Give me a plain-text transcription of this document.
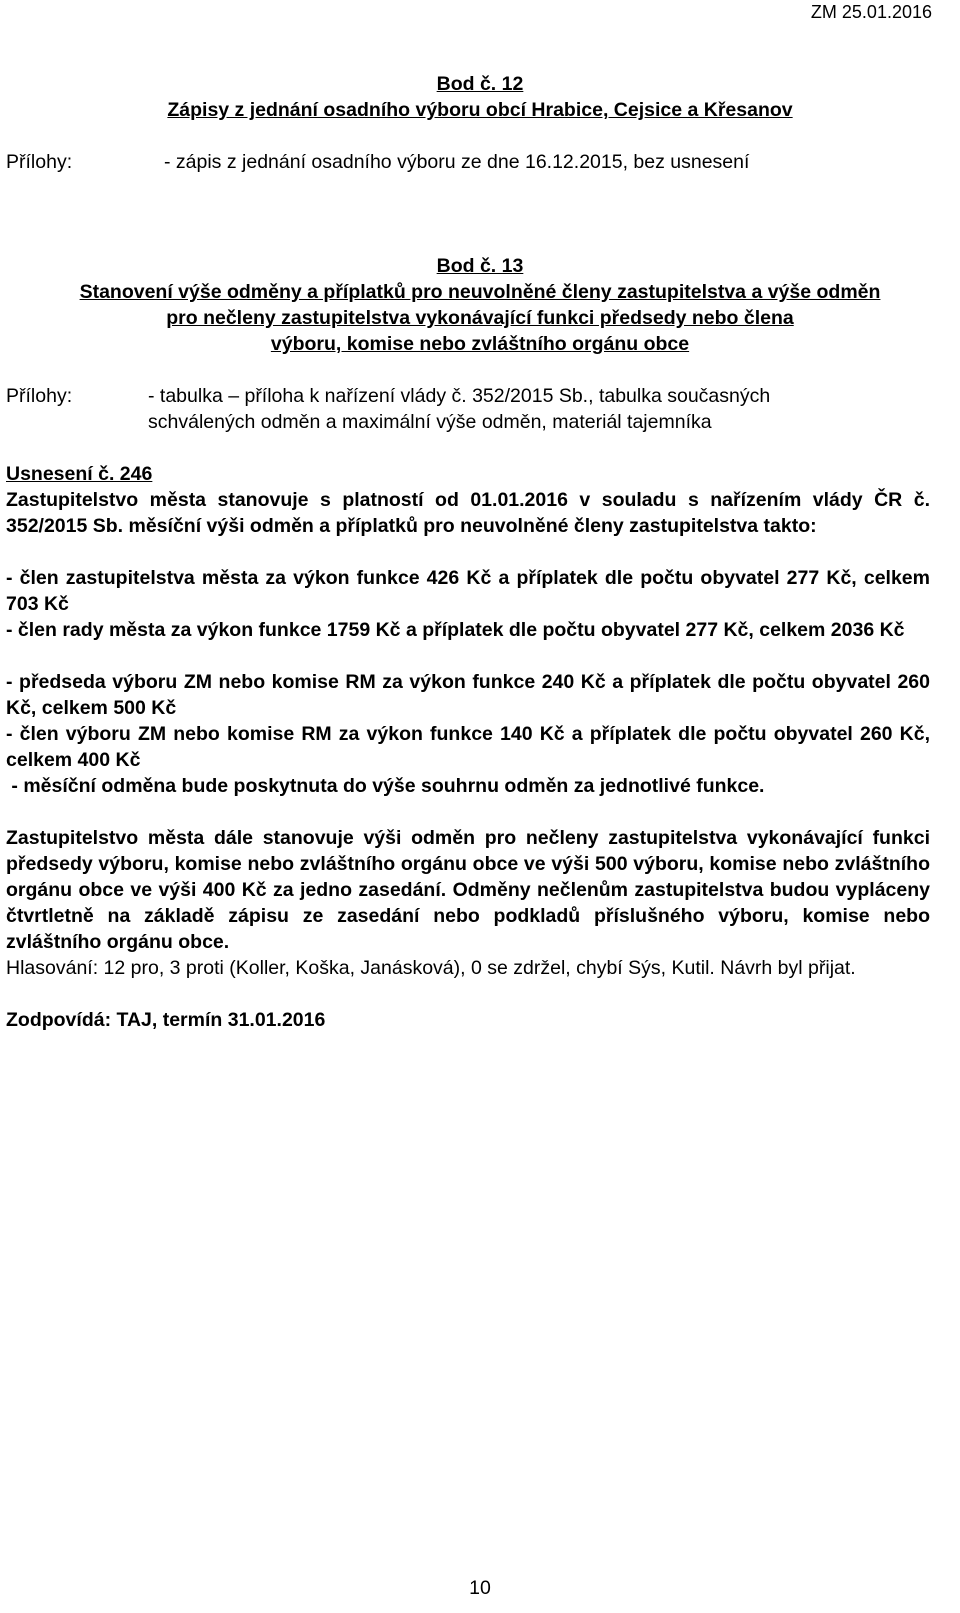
ZM 25.01.2016
Bod č. 12
Zápisy z jednání osadního výboru obcí Hrabice, Cejsice a Křesanov
Přílohy:	- zápis z jednání osadního výboru ze dne 16.12.2015, bez usnesení
Bod č. 13
Stanovení výše odměny a příplatků pro neuvolněné členy zastupitelstva a výše odměn
pro nečleny zastupitelstva vykonávající funkci předsedy nebo člena
výboru, komise nebo zvláštního orgánu obce
Přílohy:	- tabulka – příloha k nařízení vlády č. 352/2015 Sb., tabulka současných
schválených odměn a maximální výše odměn, materiál tajemníka
Usnesení č. 246
Zastupitelstvo města stanovuje s platností od 01.01.2016 v souladu s nařízením vlády ČR č. 352/2015 Sb. měsíční výši odměn a příplatků pro neuvolněné členy zastupitelstva takto:
- člen zastupitelstva města za výkon funkce 426 Kč a příplatek dle počtu obyvatel 277 Kč, celkem 703 Kč
- člen rady města za výkon funkce 1759 Kč a příplatek dle počtu obyvatel 277 Kč, celkem 2036 Kč
- předseda výboru ZM nebo komise RM za výkon funkce 240 Kč a příplatek dle počtu obyvatel 260 Kč, celkem 500 Kč
- člen výboru ZM nebo komise RM za výkon funkce 140 Kč a příplatek dle počtu obyvatel 260 Kč, celkem 400 Kč
- měsíční odměna bude poskytnuta do výše souhrnu odměn za jednotlivé funkce.
Zastupitelstvo města dále stanovuje výši odměn pro nečleny zastupitelstva vykonávající funkci předsedy výboru, komise nebo zvláštního orgánu obce ve výši 500 výboru, komise nebo zvláštního orgánu obce ve výši 400 Kč za jedno zasedání. Odměny nečlenům zastupitelstva budou vypláceny čtvrtletně na základě zápisu ze zasedání nebo podkladů příslušného výboru, komise nebo zvláštního orgánu obce.
Hlasování: 12 pro, 3 proti (Koller, Koška, Janásková), 0 se zdržel, chybí Sýs, Kutil. Návrh byl přijat.
Zodpovídá: TAJ, termín 31.01.2016
10
